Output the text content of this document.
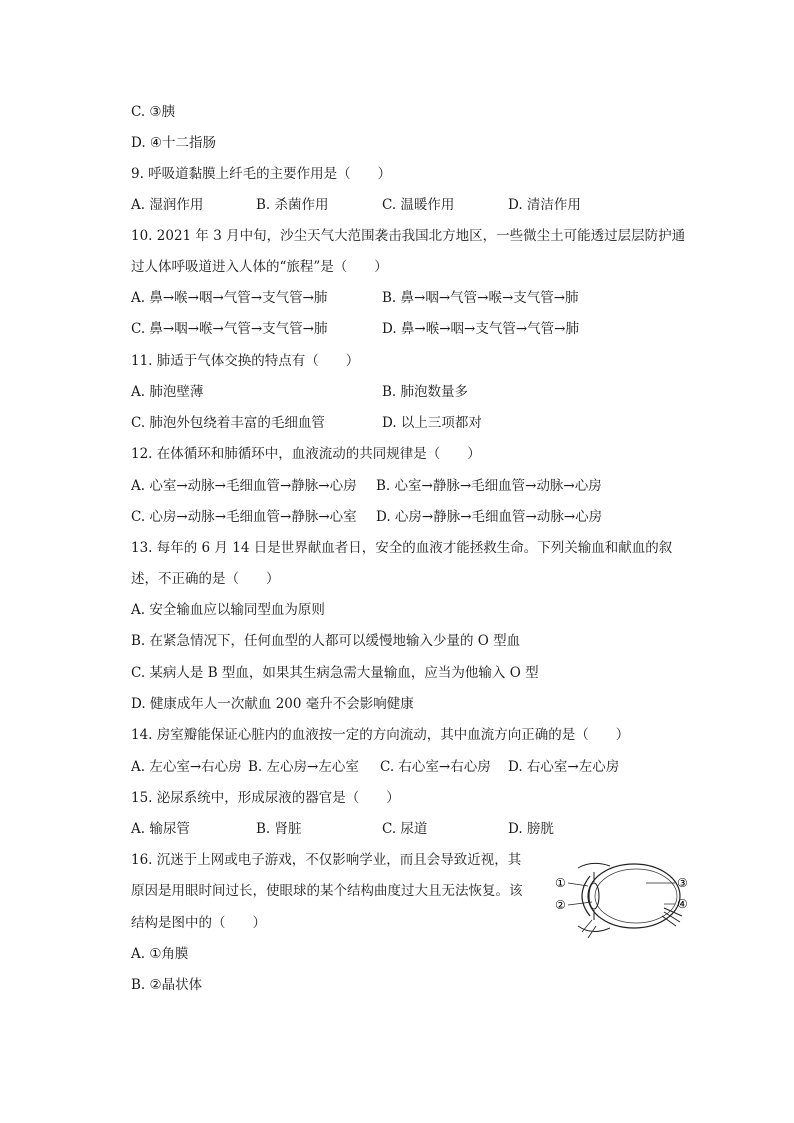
C. ③胰
D. ④十二指肠
9. 呼吸道黏膜上纤毛的主要作用是（　　）
A. 湿润作用	B. 杀菌作用	C. 温暖作用	D. 清洁作用
10. 2021 年 3 月中旬，沙尘天气大范围袭击我国北方地区，一些微尘土可能透过层层防护通
过人体呼吸道进入人体的“旅程”是（　　）
A. 鼻→喉→咽→气管→支气管→肺	B. 鼻→咽→气管→喉→支气管→肺
C. 鼻→咽→喉→气管→支气管→肺	D. 鼻→喉→咽→支气管→气管→肺
11. 肺适于气体交换的特点有（　　）
A. 肺泡壁薄	B. 肺泡数量多
C. 肺泡外包绕着丰富的毛细血管	D. 以上三项都对
12. 在体循环和肺循环中，血液流动的共同规律是（　　）
A. 心室→动脉→毛细血管→静脉→心房 B. 心室→静脉→毛细血管→动脉→心房
C. 心房→动脉→毛细血管→静脉→心室 D. 心房→静脉→毛细血管→动脉→心房
13. 每年的 6 月 14 日是世界献血者日，安全的血液才能拯救生命。下列关输血和献血的叙
述，不正确的是（　　）
A. 安全输血应以输同型血为原则
B. 在紧急情况下，任何血型的人都可以缓慢地输入少量的 O 型血
C. 某病人是 B 型血，如果其生病急需大量输血，应当为他输入 O 型
D. 健康成年人一次献血 200 毫升不会影响健康
14. 房室瓣能保证心脏内的血液按一定的方向流动，其中血流方向正确的是（　　）
A. 左心室→右心房 B. 左心房→左心室 C. 右心室→右心房 D. 右心室→左心房
15. 泌尿系统中，形成尿液的器官是（　　）
A. 输尿管	B. 肾脏	C. 尿道	D. 膀胱
16. 沉迷于上网或电子游戏，不仅影响学业，而且会导致近视，其
原因是用眼时间过长，使眼球的某个结构曲度过大且无法恢复。该
结构是图中的（　　）
A. ①角膜
B. ②晶状体
①
②
③
④
